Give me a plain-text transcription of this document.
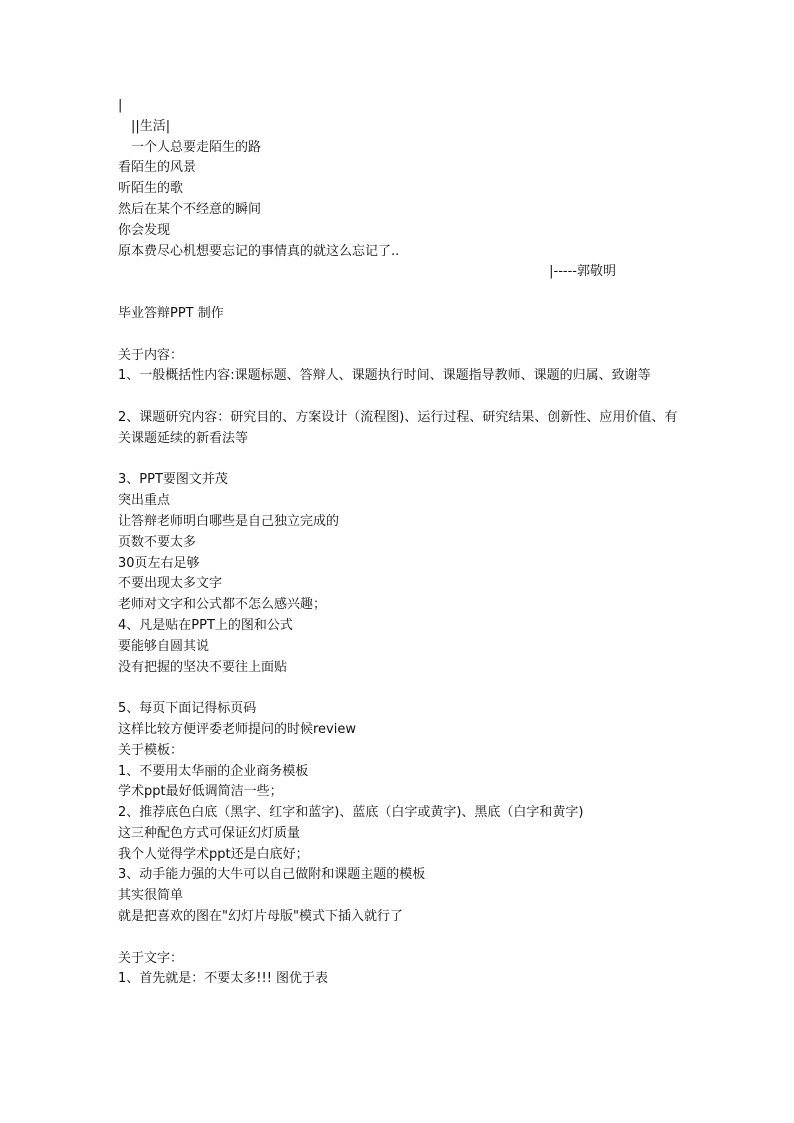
|
||生活|
一个人总要走陌生的路
看陌生的风景
听陌生的歌
然后在某个不经意的瞬间
你会发现
原本费尽心机想要忘记的事情真的就这么忘记了..
|-----郭敬明
毕业答辩PPT 制作
关于内容：
1、一般概括性内容:课题标题、答辩人、课题执行时间、课题指导教师、课题的归属、致谢等
2、课题研究内容：研究目的、方案设计（流程图)、运行过程、研究结果、创新性、应用价值、有关课题延续的新看法等
3、PPT要图文并茂
突出重点
让答辩老师明白哪些是自己独立完成的
页数不要太多
30页左右足够
不要出现太多文字
老师对文字和公式都不怎么感兴趣；
4、凡是贴在PPT上的图和公式
要能够自圆其说
没有把握的坚决不要往上面贴
5、每页下面记得标页码
这样比较方便评委老师提问的时候review
关于模板：
1、不要用太华丽的企业商务模板
学术ppt最好低调简洁一些；
2、推荐底色白底（黑字、红字和蓝字)、蓝底（白字或黄字)、黑底（白字和黄字)
这三种配色方式可保证幻灯质量
我个人觉得学术ppt还是白底好；
3、动手能力强的大牛可以自己做附和课题主题的模板
其实很简单
就是把喜欢的图在"幻灯片母版"模式下插入就行了
关于文字：
1、首先就是：不要太多!!! 图优于表
